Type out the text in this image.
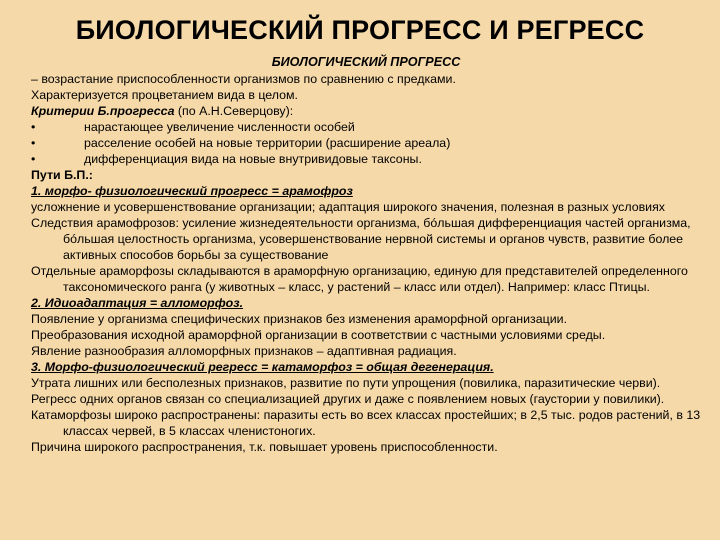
БИОЛОГИЧЕСКИЙ ПРОГРЕСС И РЕГРЕСС
БИОЛОГИЧЕСКИЙ ПРОГРЕСС
– возрастание приспособленности организмов по сравнению с предками.
Характеризуется процветанием вида в целом.
Критерии Б.прогресса (по А.Н.Северцову):
•	нарастающее увеличение численности особей
•	расселение особей на новые территории (расширение ареала)
•	дифференциация вида на новые внутривидовые таксоны.
Пути Б.П.:
1. морфо- физиологический прогресс = арамофроз
усложнение и усовершенствование организации; адаптация широкого значения, полезная в разных условиях
Следствия арамофрозов: усиление жизнедеятельности организма, бóльшая дифференциация частей организма, бóльшая целостность организма, усовершенствование нервной системы и органов чувств, развитие более активных способов борьбы за существование
Отдельные араморфозы складываются в араморфную организацию, единую для представителей определенного таксономического ранга (у животных – класс, у растений – класс или отдел). Например: класс Птицы.
2. Идиоадаптация = алломорфоз.
Появление у организма специфических признаков без изменения араморфной организации.
Преобразования исходной араморфной организации в соответствии с частными условиями среды.
Явление разнообразия алломорфных признаков – адаптивная радиация.
3. Морфо-физиологический регресс = катаморфоз = общая дегенерация.
Утрата лишних или бесполезных признаков, развитие по пути упрощения (повилика, паразитические черви).
Регресс одних органов связан со специализацией других и даже с появлением новых (гаустории у повилики).
Катаморфозы широко распространены: паразиты есть во всех классах простейших; в 2,5 тыс. родов растений, в 13 классах червей, в 5 классах членистоногих.
Причина широкого распространения, т.к. повышает уровень приспособленности.
